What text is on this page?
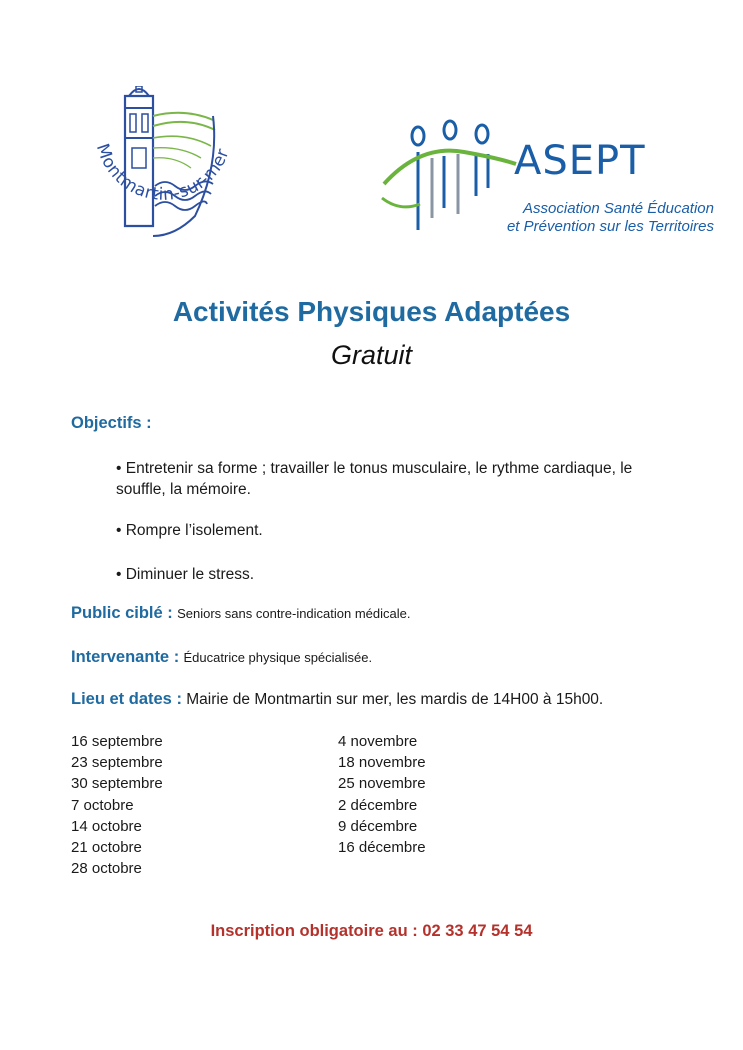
Montmartin-sur-mer	ASEPT
Association Santé Éducation
et Prévention sur les Territoires
Activités Physiques Adaptées
Gratuit
Objectifs :
• Entretenir sa forme ; travailler le tonus musculaire, le rythme cardiaque, le souffle, la mémoire.
• Rompre l’isolement.
• Diminuer le stress.
Public ciblé : Seniors sans contre-indication médicale.
Intervenante : Éducatrice physique spécialisée.
Lieu et dates : Mairie de Montmartin sur mer, les mardis de 14H00 à 15h00.
16 septembre
23 septembre
30 septembre
7 octobre
14 octobre
21 octobre
28 octobre
4 novembre
18 novembre
25 novembre
2 décembre
9 décembre
16 décembre
Inscription obligatoire au : 02 33 47 54 54
